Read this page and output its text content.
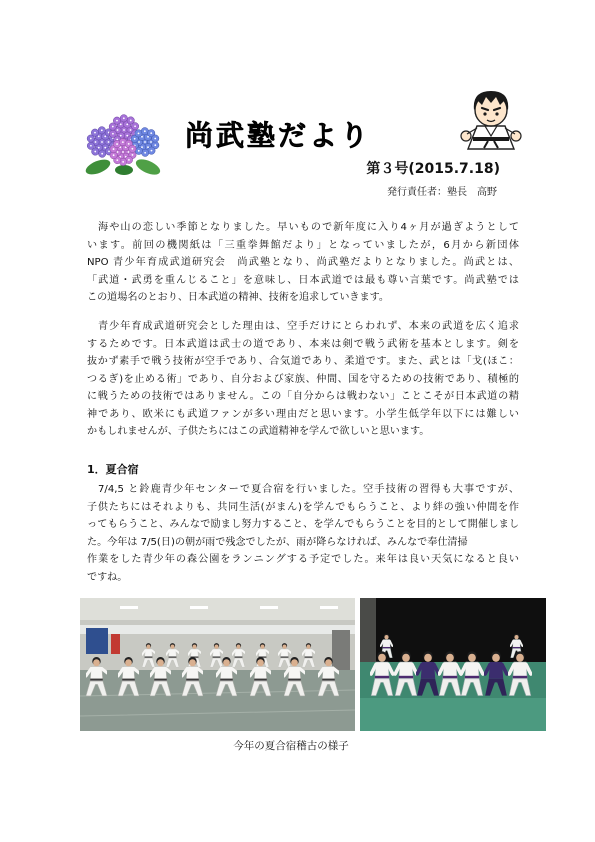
尚武塾だより
第３号(2015.7.18)
発行責任者：塾長　高野
海や山の恋しい季節となりました。早いもので新年度に入り4ヶ月が過ぎようとして
います。前回の機関紙は「三重拳舞館だより」となっていましたが，6月から新団体
NPO 青少年育成武道研究会　尚武塾となり、尚武塾だよりとなりました。尚武とは、
「武道・武勇を重んじること」を意味し、日本武道では最も尊い言葉です。尚武塾では
この道場名のとおり、日本武道の精神、技術を追求していきます。
青少年育成武道研究会とした理由は、空手だけにとらわれず、本来の武道を広く追求
するためです。日本武道は武士の道であり、本来は剣で戦う武術を基本とします。剣を
抜かず素手で戦う技術が空手であり、合気道であり、柔道です。また、武とは「戈(ほこ：
つるぎ)を止める術」であり、自分および家族、仲間、国を守るための技術であり、積極的
に戦うための技術ではありません。この「自分からは戦わない」ことこそが日本武道の精
神であり、欧米にも武道ファンが多い理由だと思います。小学生低学年以下には難しい
かもしれませんが、子供たちにはこの武道精神を学んで欲しいと思います。
1．夏合宿
7/4,5 と鈴鹿青少年センターで夏合宿を行いました。空手技術の習得も大事ですが、
子供たちにはそれよりも、共同生活(がまん)を学んでもらうこと、より絆の強い仲間を作
ってもらうこと、みんなで励まし努力すること、を学んでもらうことを目的として開催しまし
た。今年は 7/5(日)の朝が雨で残念でしたが、雨が降らなければ、みんなで奉仕清掃
作業をした青少年の森公園をランニングする予定でした。来年は良い天気になると良い
ですね。
今年の夏合宿稽古の様子
